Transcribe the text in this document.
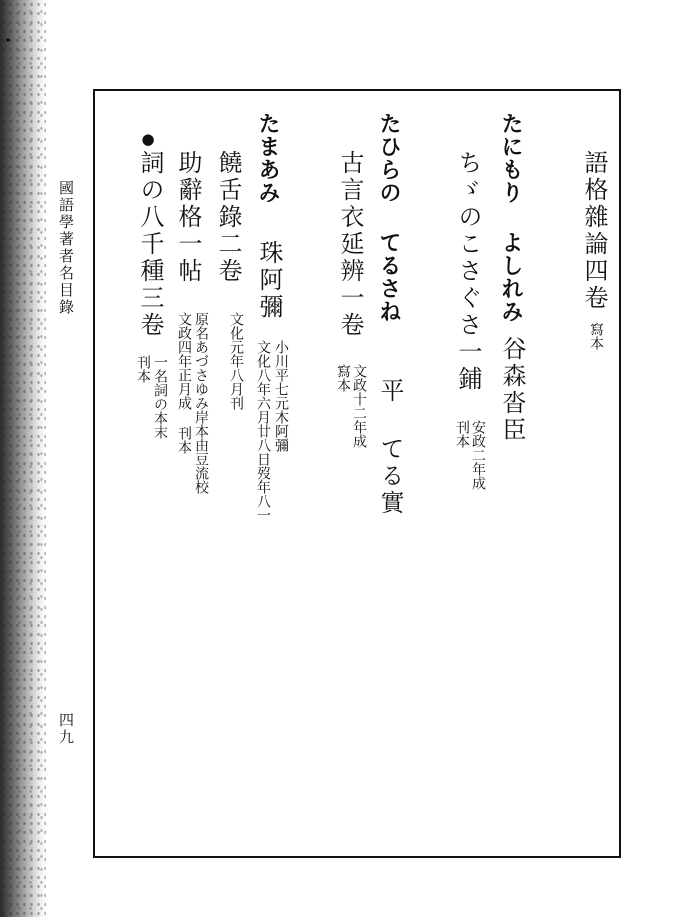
國語學著者名目錄
四九
語格雜論四卷
寫本
たにもり よしれみ
谷森沓臣
ちゞのこさぐさ一鋪
安政二年成
刊本
たひらの てるさね
平 てる實
古言衣延辨一卷
文政十二年成
寫本
たまあみ
珠阿彌
小川平七元木阿彌
文化八年六月廿八日歿年八一
饒舌錄二卷
文化元年八月刊
助辭格一帖
原名あづさゆみ岸本由豆流校
文政四年正月成 刊本
●
詞の八千種三卷
一名詞の本末
刊本
